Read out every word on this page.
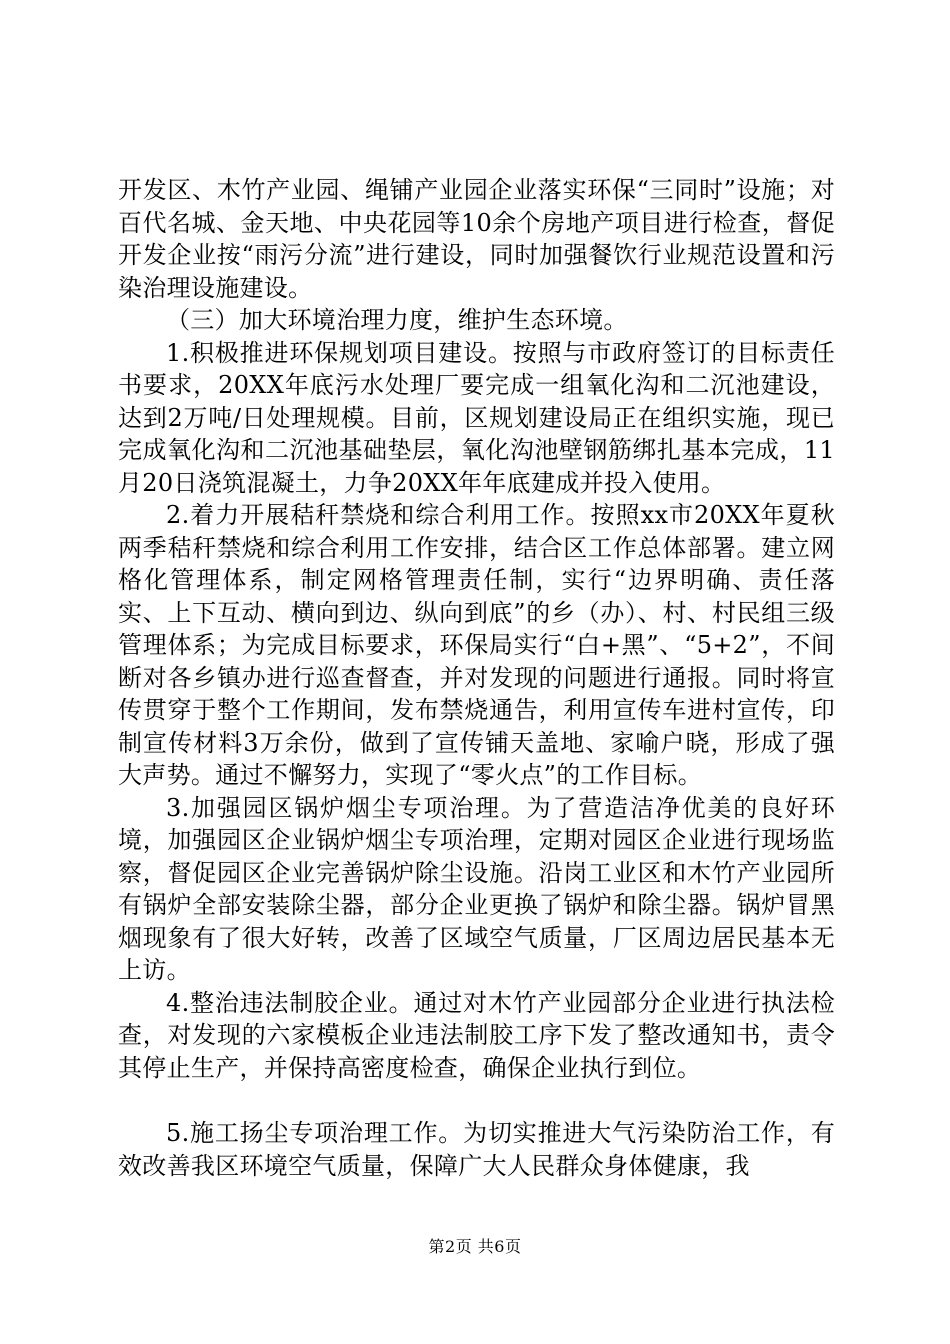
开发区、木竹产业园、绳铺产业园企业落实环保“三同时”设施；对百代名城、金天地、中央花园等10余个房地产项目进行检查，督促开发企业按“雨污分流”进行建设，同时加强餐饮行业规范设置和污染治理设施建设。

（三）加大环境治理力度，维护生态环境。

1.积极推进环保规划项目建设。按照与市政府签订的目标责任书要求，20XX年底污水处理厂要完成一组氧化沟和二沉池建设，达到2万吨/日处理规模。目前，区规划建设局正在组织实施，现已完成氧化沟和二沉池基础垫层，氧化沟池壁钢筋绑扎基本完成，11月20日浇筑混凝土，力争20XX年年底建成并投入使用。

2.着力开展秸秆禁烧和综合利用工作。按照xx市20XX年夏秋两季秸秆禁烧和综合利用工作安排，结合区工作总体部署。建立网格化管理体系，制定网格管理责任制，实行“边界明确、责任落实、上下互动、横向到边、纵向到底”的乡（办）、村、村民组三级管理体系；为完成目标要求，环保局实行“白+黑”、“5+2”，不间断对各乡镇办进行巡查督查，并对发现的问题进行通报。同时将宣传贯穿于整个工作期间，发布禁烧通告，利用宣传车进村宣传，印制宣传材料3万余份，做到了宣传铺天盖地、家喻户晓，形成了强大声势。通过不懈努力，实现了“零火点”的工作目标。

3.加强园区锅炉烟尘专项治理。为了营造洁净优美的良好环境，加强园区企业锅炉烟尘专项治理，定期对园区企业进行现场监察，督促园区企业完善锅炉除尘设施。沿岗工业区和木竹产业园所有锅炉全部安装除尘器，部分企业更换了锅炉和除尘器。锅炉冒黑烟现象有了很大好转，改善了区域空气质量，厂区周边居民基本无上访。

4.整治违法制胶企业。通过对木竹产业园部分企业进行执法检查，对发现的六家模板企业违法制胶工序下发了整改通知书，责令其停止生产，并保持高密度检查，确保企业执行到位。

5.施工扬尘专项治理工作。为切实推进大气污染防治工作，有效改善我区环境空气质量，保障广大人民群众身体健康，我

第2页 共6页
